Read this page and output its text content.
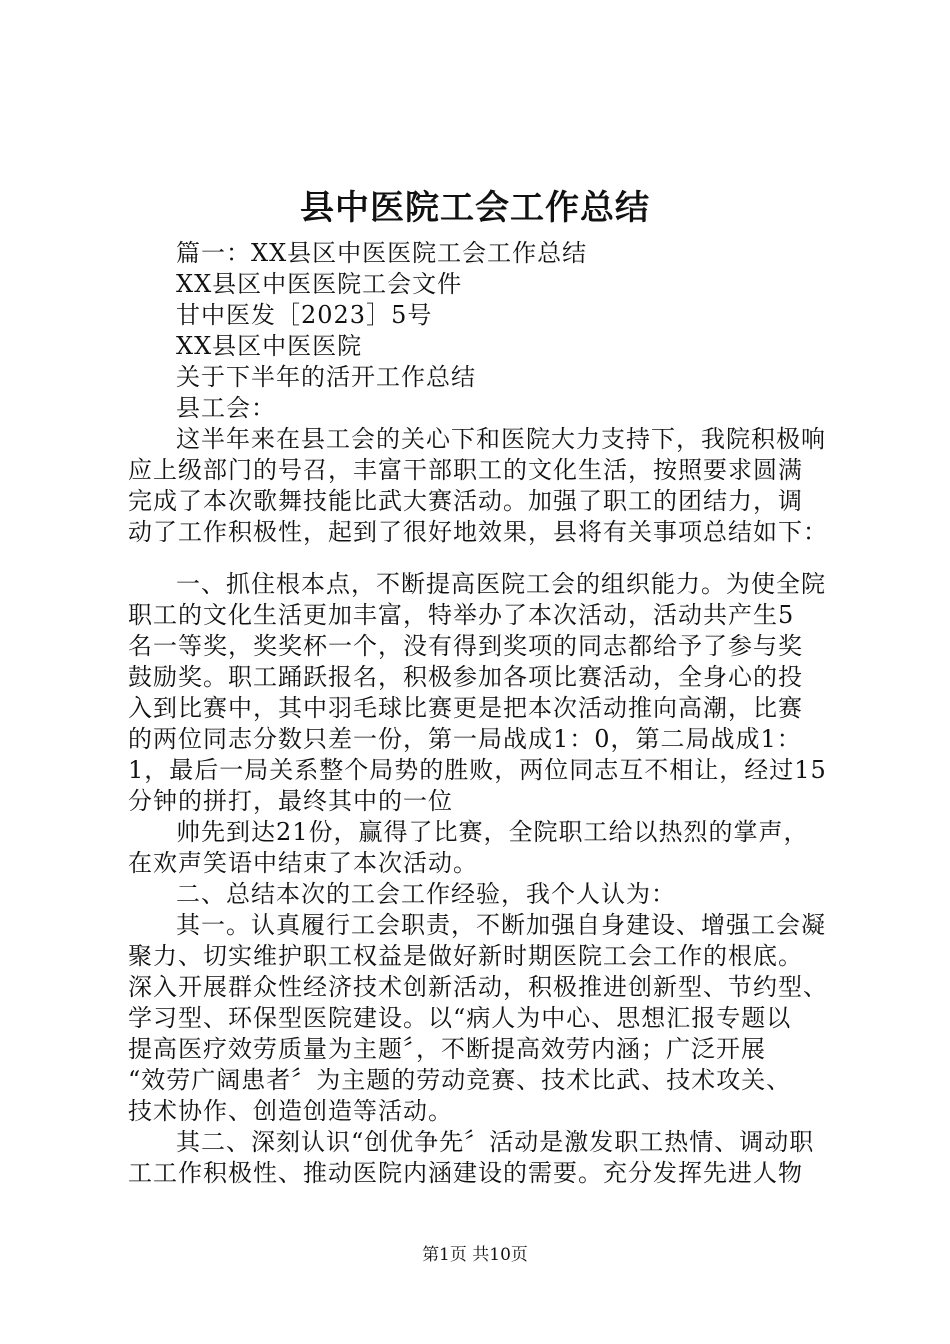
县中医院工会工作总结
篇一：XX县区中医医院工会工作总结
XX县区中医医院工会文件
甘中医发［2023］5号
XX县区中医医院
关于下半年的活开工作总结
县工会：
这半年来在县工会的关心下和医院大力支持下，我院积极响
应上级部门的号召，丰富干部职工的文化生活，按照要求圆满
完成了本次歌舞技能比武大赛活动。加强了职工的团结力，调
动了工作积极性，起到了很好地效果，县将有关事项总结如下：
一、抓住根本点，不断提高医院工会的组织能力。为使全院
职工的文化生活更加丰富，特举办了本次活动，活动共产生5
名一等奖，奖奖杯一个，没有得到奖项的同志都给予了参与奖
鼓励奖。职工踊跃报名，积极参加各项比赛活动，全身心的投
入到比赛中，其中羽毛球比赛更是把本次活动推向高潮，比赛
的两位同志分数只差一份，第一局战成1：0，第二局战成1：
1，最后一局关系整个局势的胜败，两位同志互不相让，经过15
分钟的拼打，最终其中的一位
帅先到达21份，赢得了比赛，全院职工给以热烈的掌声，
在欢声笑语中结束了本次活动。
二、总结本次的工会工作经验，我个人认为：
其一。认真履行工会职责，不断加强自身建设、增强工会凝
聚力、切实维护职工权益是做好新时期医院工会工作的根底。
深入开展群众性经济技术创新活动，积极推进创新型、节约型、
学习型、环保型医院建设。以“病人为中心、思想汇报专题以
提高医疗效劳质量为主题〞，不断提高效劳内涵；广泛开展
“效劳广阔患者〞为主题的劳动竞赛、技术比武、技术攻关、
技术协作、创造创造等活动。
其二、深刻认识“创优争先〞活动是激发职工热情、调动职
工工作积极性、推动医院内涵建设的需要。充分发挥先进人物
第1页 共10页
